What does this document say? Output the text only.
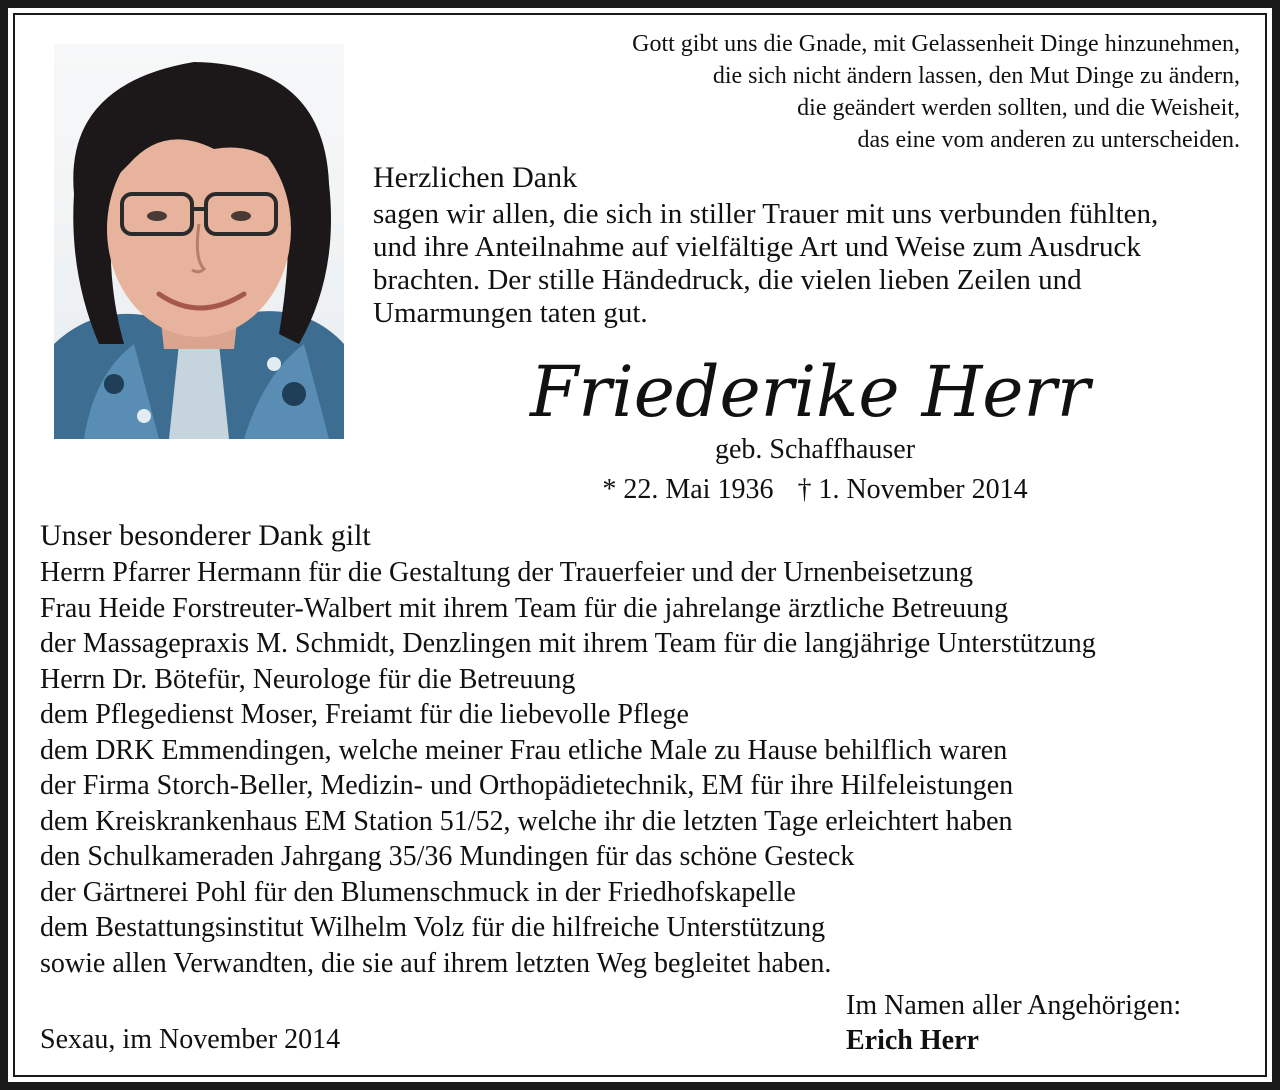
Gott gibt uns die Gnade, mit Gelassenheit Dinge hinzunehmen,
die sich nicht ändern lassen, den Mut Dinge zu ändern,
die geändert werden sollten, und die Weisheit,
das eine vom anderen zu unterscheiden.
Herzlichen Dank
sagen wir allen, die sich in stiller Trauer mit uns verbunden fühlten,
und ihre Anteilnahme auf vielfältige Art und Weise zum Ausdruck
brachten. Der stille Händedruck, die vielen lieben Zeilen und
Umarmungen taten gut.
Friederike Herr
geb. Schaffhauser
* 22. Mai 1936 † 1. November 2014
Unser besonderer Dank gilt
Herrn Pfarrer Hermann für die Gestaltung der Trauerfeier und der Urnenbeisetzung
Frau Heide Forstreuter-Walbert mit ihrem Team für die jahrelange ärztliche Betreuung
der Massagepraxis M. Schmidt, Denzlingen mit ihrem Team für die langjährige Unterstützung
Herrn Dr. Bötefür, Neurologe für die Betreuung
dem Pflegedienst Moser, Freiamt für die liebevolle Pflege
dem DRK Emmendingen, welche meiner Frau etliche Male zu Hause behilflich waren
der Firma Storch-Beller, Medizin- und Orthopädietechnik, EM für ihre Hilfeleistungen
dem Kreiskrankenhaus EM Station 51/52, welche ihr die letzten Tage erleichtert haben
den Schulkameraden Jahrgang 35/36 Mundingen für das schöne Gesteck
der Gärtnerei Pohl für den Blumenschmuck in der Friedhofskapelle
dem Bestattungsinstitut Wilhelm Volz für die hilfreiche Unterstützung
sowie allen Verwandten, die sie auf ihrem letzten Weg begleitet haben.
Sexau, im November 2014
Im Namen aller Angehörigen:
Erich Herr
